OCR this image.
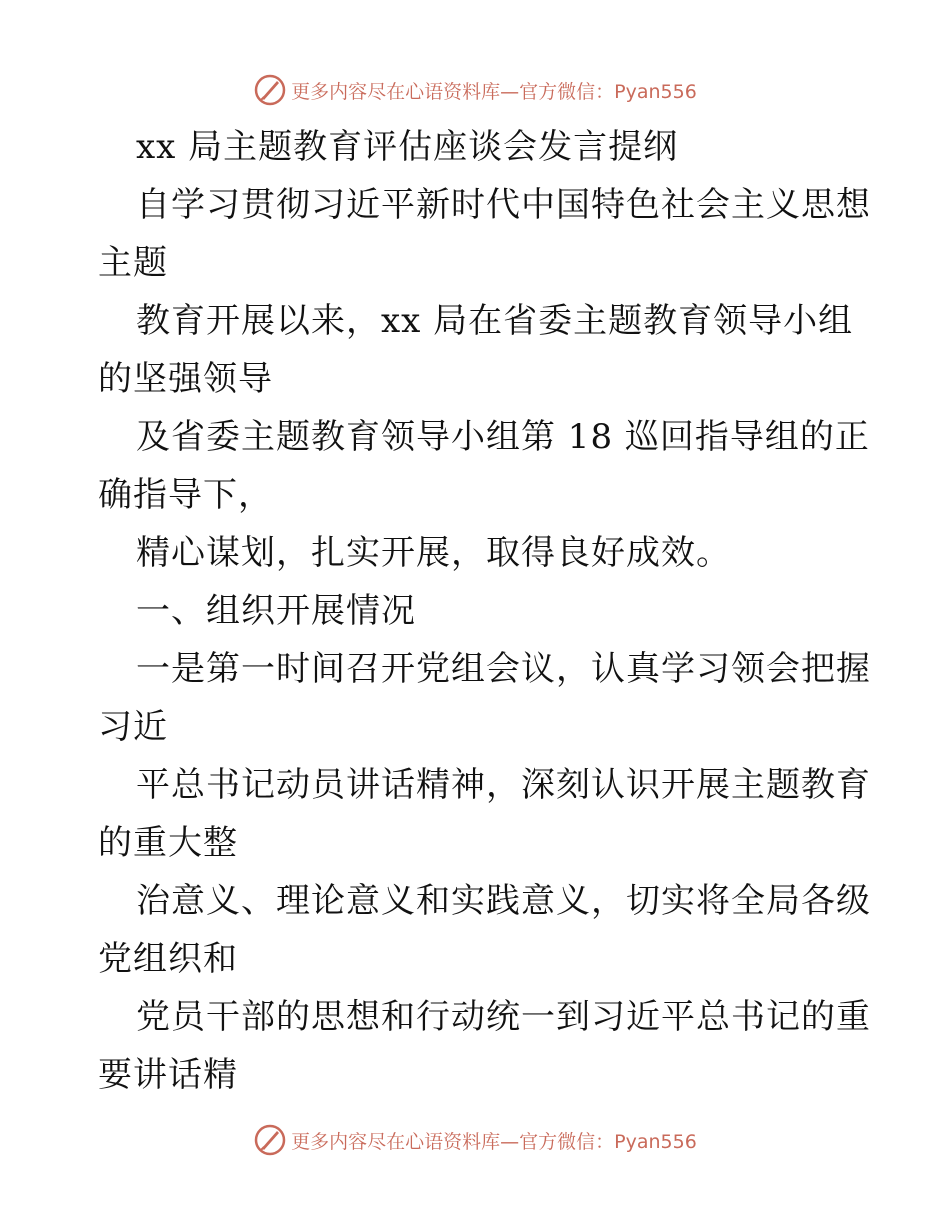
更多内容尽在心语资料库—官方微信：Pyan556
xx 局主题教育评估座谈会发言提纲
自学习贯彻习近平新时代中国特色社会主义思想
主题
教育开展以来，xx 局在省委主题教育领导小组
的坚强领导
及省委主题教育领导小组第 18 巡回指导组的正
确指导下，
精心谋划，扎实开展，取得良好成效。
一、组织开展情况
一是第一时间召开党组会议，认真学习领会把握
习近
平总书记动员讲话精神，深刻认识开展主题教育
的重大整
治意义、理论意义和实践意义，切实将全局各级
党组织和
党员干部的思想和行动统一到习近平总书记的重
要讲话精
更多内容尽在心语资料库—官方微信：Pyan556
